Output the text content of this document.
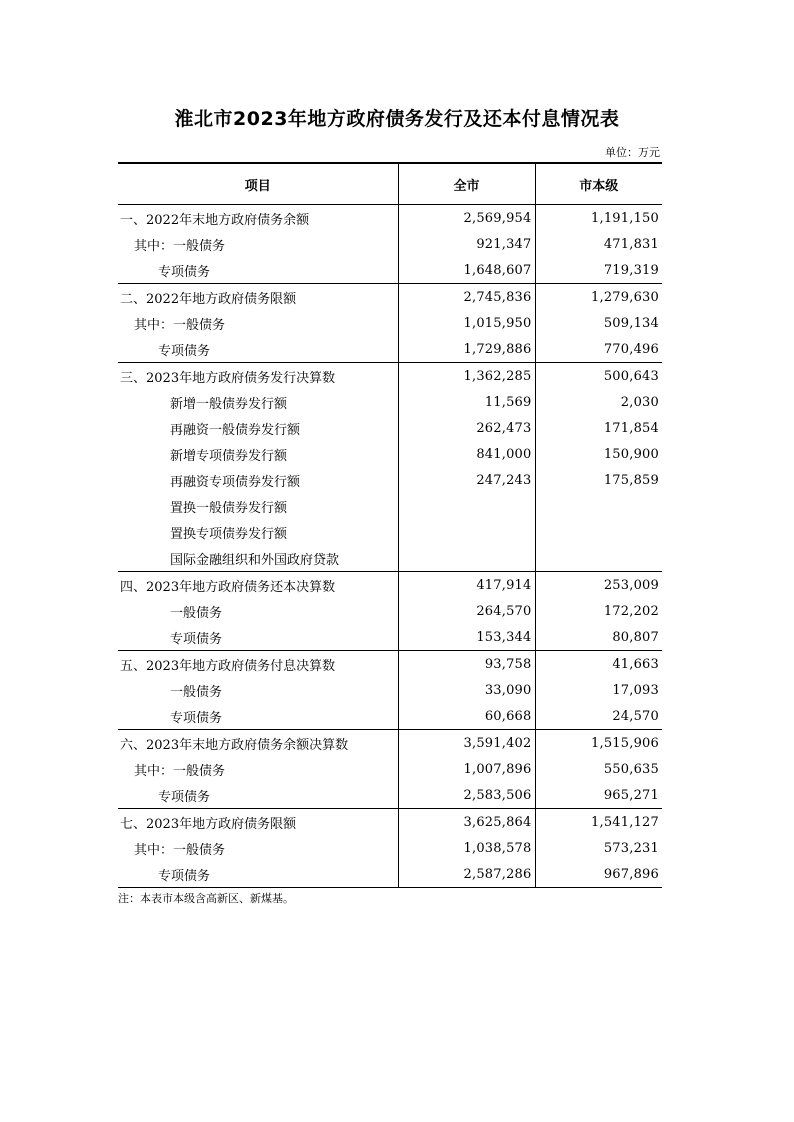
淮北市2023年地方政府债务发行及还本付息情况表
单位：万元
项目	全市	市本级
一、2022年末地方政府债务余额	2,569,954	1,191,150
其中：一般债务	921,347	471,831
专项债务	1,648,607	719,319
二、2022年地方政府债务限额	2,745,836	1,279,630
其中：一般债务	1,015,950	509,134
专项债务	1,729,886	770,496
三、2023年地方政府债务发行决算数	1,362,285	500,643
新增一般债券发行额	11,569	2,030
再融资一般债券发行额	262,473	171,854
新增专项债券发行额	841,000	150,900
再融资专项债券发行额	247,243	175,859
置换一般债券发行额		
置换专项债券发行额		
国际金融组织和外国政府贷款		
四、2023年地方政府债务还本决算数	417,914	253,009
一般债务	264,570	172,202
专项债务	153,344	80,807
五、2023年地方政府债务付息决算数	93,758	41,663
一般债务	33,090	17,093
专项债务	60,668	24,570
六、2023年末地方政府债务余额决算数	3,591,402	1,515,906
其中：一般债务	1,007,896	550,635
专项债务	2,583,506	965,271
七、2023年地方政府债务限额	3,625,864	1,541,127
其中：一般债务	1,038,578	573,231
专项债务	2,587,286	967,896
注：本表市本级含高新区、新煤基。
